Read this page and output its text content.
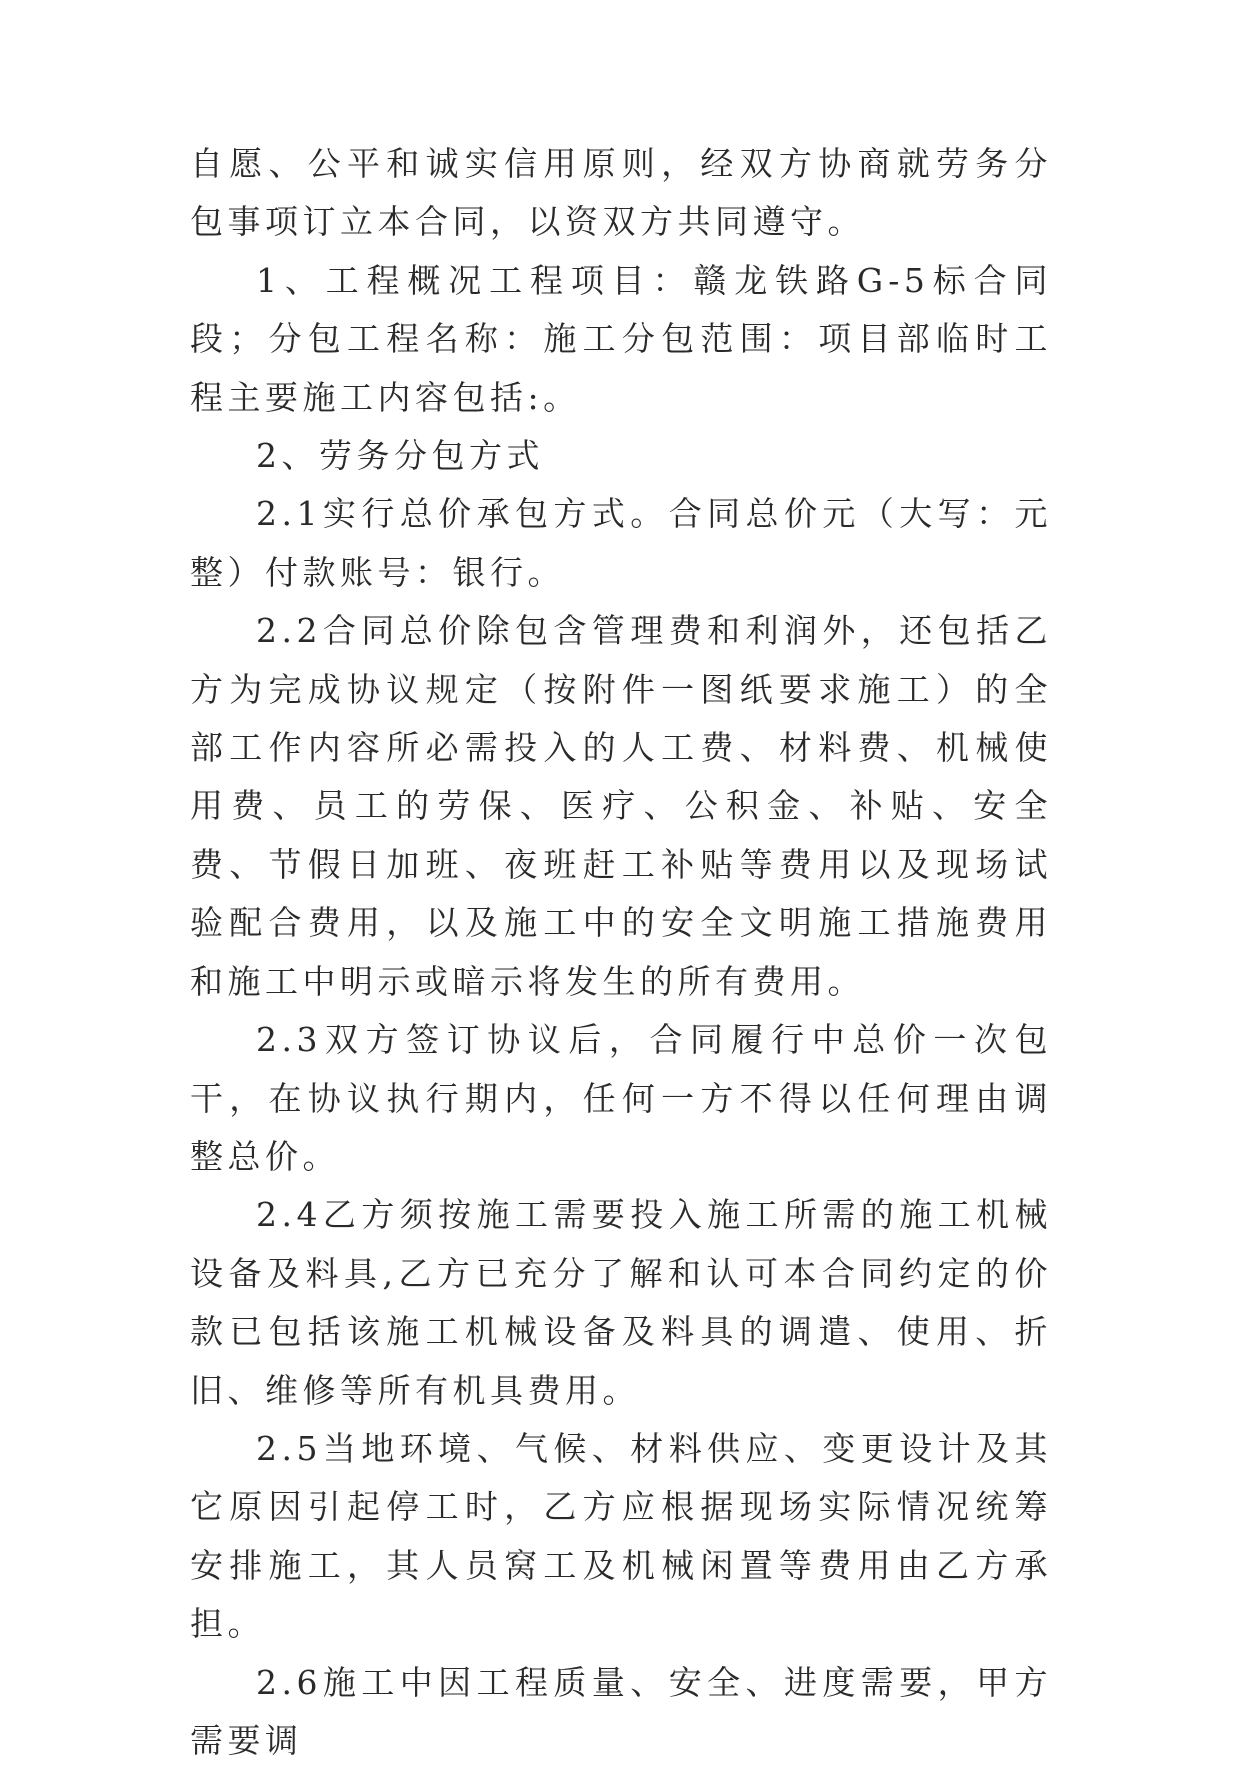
自愿、公平和诚实信用原则，经双方协商就劳务分包事项订立本合同，以资双方共同遵守。

1、工程概况工程项目：赣龙铁路G-5标合同段；分包工程名称：施工分包范围：项目部临时工程主要施工内容包括:。

2、劳务分包方式

2.1实行总价承包方式。合同总价元（大写：元整）付款账号：银行。

2.2合同总价除包含管理费和利润外，还包括乙方为完成协议规定（按附件一图纸要求施工）的全部工作内容所必需投入的人工费、材料费、机械使用费、员工的劳保、医疗、公积金、补贴、安全费、节假日加班、夜班赶工补贴等费用以及现场试验配合费用，以及施工中的安全文明施工措施费用和施工中明示或暗示将发生的所有费用。

2.3双方签订协议后，合同履行中总价一次包干，在协议执行期内，任何一方不得以任何理由调整总价。

2.4乙方须按施工需要投入施工所需的施工机械设备及料具,乙方已充分了解和认可本合同约定的价款已包括该施工机械设备及料具的调遣、使用、折旧、维修等所有机具费用。

2.5当地环境、气候、材料供应、变更设计及其它原因引起停工时，乙方应根据现场实际情况统筹安排施工，其人员窝工及机械闲置等费用由乙方承担。

2.6施工中因工程质量、安全、进度需要，甲方需要调
